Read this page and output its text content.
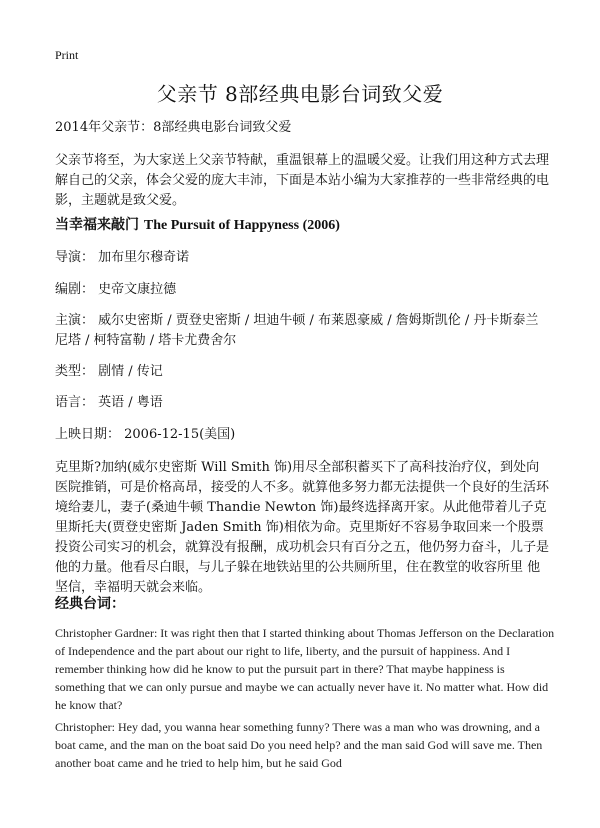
Print
父亲节 8部经典电影台词致父爱
2014年父亲节：8部经典电影台词致父爱
父亲节将至，为大家送上父亲节特献，重温银幕上的温暖父爱。让我们用这种方式去理解自己的父亲，体会父爱的庞大丰沛，下面是本站小编为大家推荐的一些非常经典的电影，主题就是致父爱。
当幸福来敲门 The Pursuit of Happyness (2006)
导演： 加布里尔穆奇诺
编剧： 史帝文康拉德
主演： 威尔史密斯 / 贾登史密斯 / 坦迪牛顿 / 布莱恩豪威 / 詹姆斯凯伦 / 丹卡斯泰兰尼塔 / 柯特富勒 / 塔卡尤费舍尔
类型： 剧情 / 传记
语言： 英语 / 粤语
上映日期： 2006-12-15(美国)
克里斯?加纳(威尔史密斯 Will Smith 饰)用尽全部积蓄买下了高科技治疗仪，到处向医院推销，可是价格高昂，接受的人不多。就算他多努力都无法提供一个良好的生活环境给妻儿，妻子(桑迪牛顿 Thandie Newton 饰)最终选择离开家。从此他带着儿子克里斯托夫(贾登史密斯 Jaden Smith 饰)相依为命。克里斯好不容易争取回来一个股票投资公司实习的机会，就算没有报酬，成功机会只有百分之五，他仍努力奋斗，儿子是他的力量。他看尽白眼，与儿子躲在地铁站里的公共厕所里，住在教堂的收容所里 他坚信，幸福明天就会来临。
经典台词：
Christopher Gardner: It was right then that I started thinking about Thomas Jefferson on the Declaration of Independence and the part about our right to life, liberty, and the pursuit of happiness. And I remember thinking how did he know to put the pursuit part in there? That maybe happiness is something that we can only pursue and maybe we can actually never have it. No matter what. How did he know that?
Christopher: Hey dad, you wanna hear something funny? There was a man who was drowning, and a boat came, and the man on the boat said Do you need help? and the man said God will save me. Then another boat came and he tried to help him, but he said God
